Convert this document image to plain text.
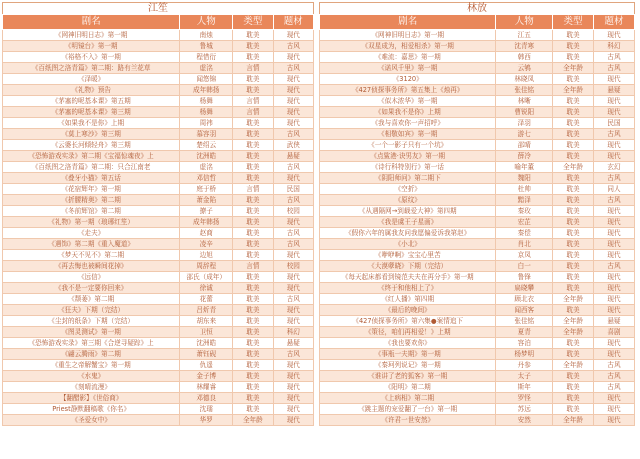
江笙
剧名	人物	类型	题材
《网神旧明日志》第一期	南烛	耽美	现代
《明镜台》第一期	鲁城	耽美	古风
《裕格不入》第一期	程惜衍	耽美	现代
《百纸图之洛青篇》第二期：路有兰花草	虚洺	言情	古风
《泽暖》	闻悠锦	耽美	现代
《礼物》预告	成年韩扬	耽美	现代
《茅塞的呢基本课》第五期	杨舞	言情	现代
《茅塞的呢基本课》第三期	杨舞	言情	现代
《如果我不是你》上期	周祎	耽美	现代
《莫上寒沙》第三期	慕容羽	耽美	古风
《云婆长河倾轻舟》第三期	楚绍云	耽美	武侠
《恐怖游戏实录》第二期《宝福惊魂夜》上	沈洲皓	耽美	悬疑
《百纸图之洛青篇》第二期：只合江南老	虚洺	耽美	古风
《叠牙小猫》第五话	邓信哲	耽美	现代
《花宿辉年》第一期	庭于桥	言情	民国
《折腰精奥》第二期	萧金陷	耽美	古风
《冬前辉馆》第二期	撩子	耽美	校园
《礼物》第一期（琅琊红笙）	成年韩扬	耽美	现代
《走夫》	赵商	耽美	古风
《遇饰》第二期《重入魔道》	凌辛	耽美	古风
《梦天不见不》第二期	边旭	耽美	现代
《再去悔也被瞬间花掉》	周辞程	言情	校园
《远信》	邵氏（成年）	耽美	现代
《我不是一定要你回来》	徐诚	耽美	现代
《颓萎》第二期	花蕾	耽美	古风
《狂夫》下期（完结）	吕炘青	耽美	现代
《尘封的纸条》下期（完结）	胡东来	耽美	现代
《图灵测试》第一期	卫恒	耽美	科幻
《恐怖游戏实录》第三期《合逆寻疑踪》上	沈洲皓	耽美	悬疑
《翩云腾雨》第二期	萧钰砚	耽美	古风
《重生之帝解蟹宝》第一期	仇遥	耽美	现代
《水鬼》	金子博	耽美	现代
《刻晴流漫》	林耀睿	耽美	现代
【翻醋影】《世俗商》	邓德良	耽美	现代
Priest静默翻稿歌《你名》	沈瓀	耽美	现代
《圣爱女中》	华罗	全年龄	现代
林放
剧名	人物	类型	题材
《网神旧明日志》第一期	江五	耽美	现代
《双星成为，相爱相杀》第一期	沈青寒	耽美	科幻
《难流：嘉思》第一期	韩西	耽美	古风
《诺风千里》第一期	云鸲	全年龄	古风
《3120》	林晓凤	耽美	现代
《427侦探事务所》第五集上《烛再》	张佳铭	全年龄	悬疑
《似木浓华》第一期	林晰	耽美	现代
《如果我不是你》上期	曹锐阳	耽美	现代
《我与喜欢你一声招呼》	泽羽	耽美	民国
《相敬如宾》第一期	游七	耽美	古风
《一个一影子只有一个坑》	邵晴	耽美	现代
《点鲨港·诀男友》第一期	薛冷	耽美	现代
《诗行科特别行》第一话	喻年董	全年龄	玄幻
《阴阳师问》第二期下	魏阳	耽美	古风
《空折》	杜帅	耽美	同人
《原纹》	黯泽	耽美	古风
《从遇隔网→到载爱大神》第四期	秦玫	耽美	现代
《我是虞王子星画》	宏芷	耽美	现代
《假你六年的属我友问我愿偏爱诉我第赵》	秦偿	耽美	现代
《小北》	肖北	耽美	现代
《咿咿啊》宝宝心里苦	京凤	耽美	现代
《大漠孽晓》下期（完结）	白一	耽美	古风
《每天起床都看到镜范夫夫在再分手》第一期	鲁锋	耽美	现代
《终于和他相上了》	扁晓攀	耽美	现代
《红人播》第四期	顾北衣	全年龄	现代
《最后的晚间》	闻西客	耽美	现代
《427侦探事务所》第六集●案情追下	张佳铭	全年龄	悬疑
《策径，咱们再相爱！》上期	夏青	全年龄	喜剧
《我也要欢你》	容泊	耽美	现代
《事瓶一夫期》第一期	杨梦明	耽美	现代
《秦珂列说记》第一期	丹参	全年龄	古风
《谁讲了老的狐客》第一期	太子	耽美	古风
《阳明》第二期	斯年	耽美	古风
《上病相》第二期	罗怪	耽美	现代
《跳主题的宠爱翻了一台》第一期	苏远	耽美	现代
《许君一世安然》	安然	全年龄	现代
